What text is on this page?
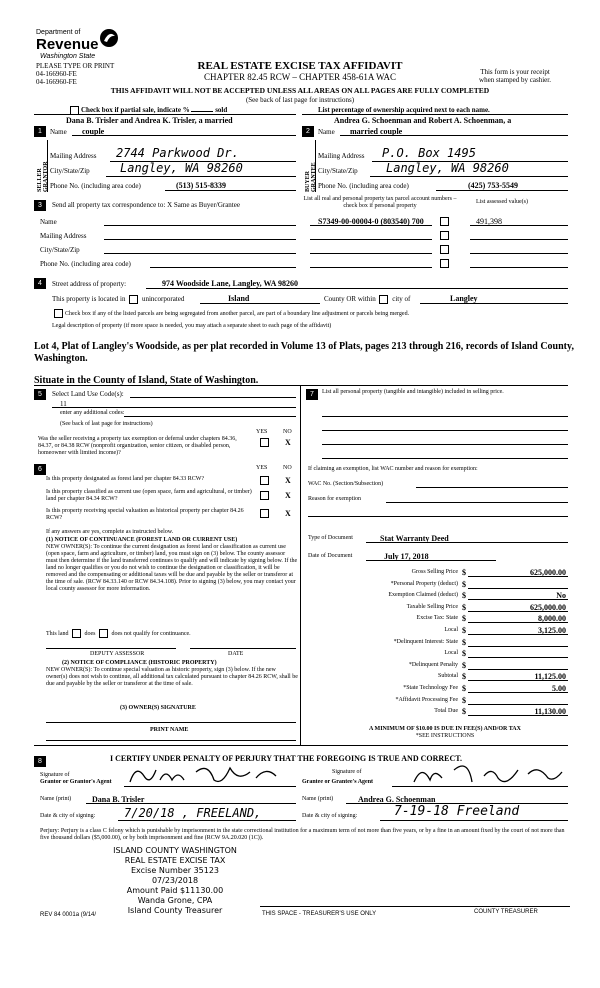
Department of
Revenue
Washington State
PLEASE TYPE OR PRINT
04-166960-FE
04-166960-FE
REAL ESTATE EXCISE TAX AFFIDAVIT
CHAPTER 82.45 RCW – CHAPTER 458-61A WAC	This form is your receipt
when stamped by cashier.
THIS AFFIDAVIT WILL NOT BE ACCEPTED UNLESS ALL AREAS ON ALL PAGES ARE FULLY COMPLETED
(See back of last page for instructions)
Check box if partial sale, indicate %	sold	List percentage of ownership acquired next to each name.
1	2
Name
Dana B. Trisler and Andrea K. Trisler, a married
couple	Name
Andrea G. Schoenman and Robert A. Schoenman, a
married couple
SELLER GRANTOR
Mailing Address 2744 Parkwood Dr.
City/State/Zip	Langley, WA 98260
Phone No. (including area code)	(513) 515-8339	BUYER GRANTEE
Mailing Address P.O. Box 1495
City/State/Zip Langley, WA 98260
Phone No. (including area code)	(425) 753-5549
3	Send all property tax correspondence to: X Same as Buyer/Grantee
Name
Mailing Address
City/State/Zip
Phone No. (including area code)
List all real and personal property tax parcel account numbers – check box if personal property
List assessed value(s)
S7349-00-00004-0 (803540) 700	491,398
4	Street address of property:	974 Woodside Lane, Langley, WA 98260
This property is located in unincorporated	Island	County OR within city of	Langley
Check box if any of the listed parcels are being segregated from another parcel, are part of a boundary line adjustment or parcels being merged.
Legal description of property (if more space is needed, you may attach a separate sheet to each page of the affidavit)
Lot 4, Plat of Langley's Woodside, as per plat recorded in Volume 13 of Plats, pages 213 through 216, records of Island County, Washington.
Situate in the County of Island, State of Washington.
5	Select Land Use Code(s):
11
enter any additional codes:
(See back of last page for instructions)
YES	NO
Was the seller receiving a property tax exemption or deferral under chapters 84.36, 84.37, or 84.38 RCW (nonprofit organization, senior citizen, or disabled person, homeowner with limited income)?
X
6	YES	NO
Is this property designated as forest land per chapter 84.33 RCW?	X
Is this property classified as current use (open space, farm and agricultural, or timber) land per chapter 84.34 RCW?	X
Is this property receiving special valuation as historical property per chapter 84.26 RCW?	X
If any answers are yes, complete as instructed below.
(1) NOTICE OF CONTINUANCE (FOREST LAND OR CURRENT USE)
NEW OWNER(S): To continue the current designation as forest land or classification as current use (open space, farm and agriculture, or timber) land, you must sign on (3) below. The county assessor must then determine if the land transferred continues to qualify and will indicate by signing below. If the land no longer qualifies or you do not wish to continue the designation or classification, it will be removed and the compensating or additional taxes will be due and payable by the seller or transferor at the time of sale. (RCW 84.33.140 or RCW 84.34.108). Prior to signing (3) below, you may contact your local county assessor for more information.
This land	does	does not qualify for continuance.
DEPUTY ASSESSOR	DATE
(2) NOTICE OF COMPLIANCE (HISTORIC PROPERTY)
NEW OWNER(S): To continue special valuation as historic property, sign (3) below. If the new owner(s) does not wish to continue, all additional tax calculated pursuant to chapter 84.26 RCW, shall be due and payable by the seller or transferor at the time of sale.
(3) OWNER(S) SIGNATURE
PRINT NAME
7	List all personal property (tangible and intangible) included in selling price.
If claiming an exemption, list WAC number and reason for exemption:
WAC No. (Section/Subsection)
Reason for exemption
Type of Document	Stat Warranty Deed
Date of Document	July 17, 2018
Gross Selling Price $	625,000.00
*Personal Property (deduct) $
Exemption Claimed (deduct) $	No
Taxable Selling Price $	625,000.00
Excise Tax: State $	8,000.00
Local $	3,125.00
*Delinquent Interest: State $
Local $
*Delinquent Penalty $
Subtotal $	11,125.00
*State Technology Fee $	5.00
*Affidavit Processing Fee $
Total Due $	11,130.00
A MINIMUM OF $10.00 IS DUE IN FEE(S) AND/OR TAX
*SEE INSTRUCTIONS
8	I CERTIFY UNDER PENALTY OF PERJURY THAT THE FOREGOING IS TRUE AND CORRECT.
Signature of
Grantor or Grantor's Agent
Signature of
Grantee or Grantee's Agent
Name (print)	Dana B. Trisler	Name (print)	Andrea G. Schoenman
Date & city of signing: 7/20/18 , FREELAND,	Date & city of signing:	7-19-18 Freeland
Perjury: Perjury is a class C felony which is punishable by imprisonment in the state correctional institution for a maximum term of not more than five years, or by a fine in an amount fixed by the court of not more than five thousand dollars ($5,000.00), or by both imprisonment and fine (RCW 9A.20.020 (1C)).
ISLAND COUNTY WASHINGTON
REAL ESTATE EXCISE TAX
Excise Number 35123
07/23/2018
Amount Paid $11130.00
Wanda Grone, CPA
Island County Treasurer
REV 84 0001a (9/14/	THIS SPACE - TREASURER'S USE ONLY	COUNTY TREASURER
